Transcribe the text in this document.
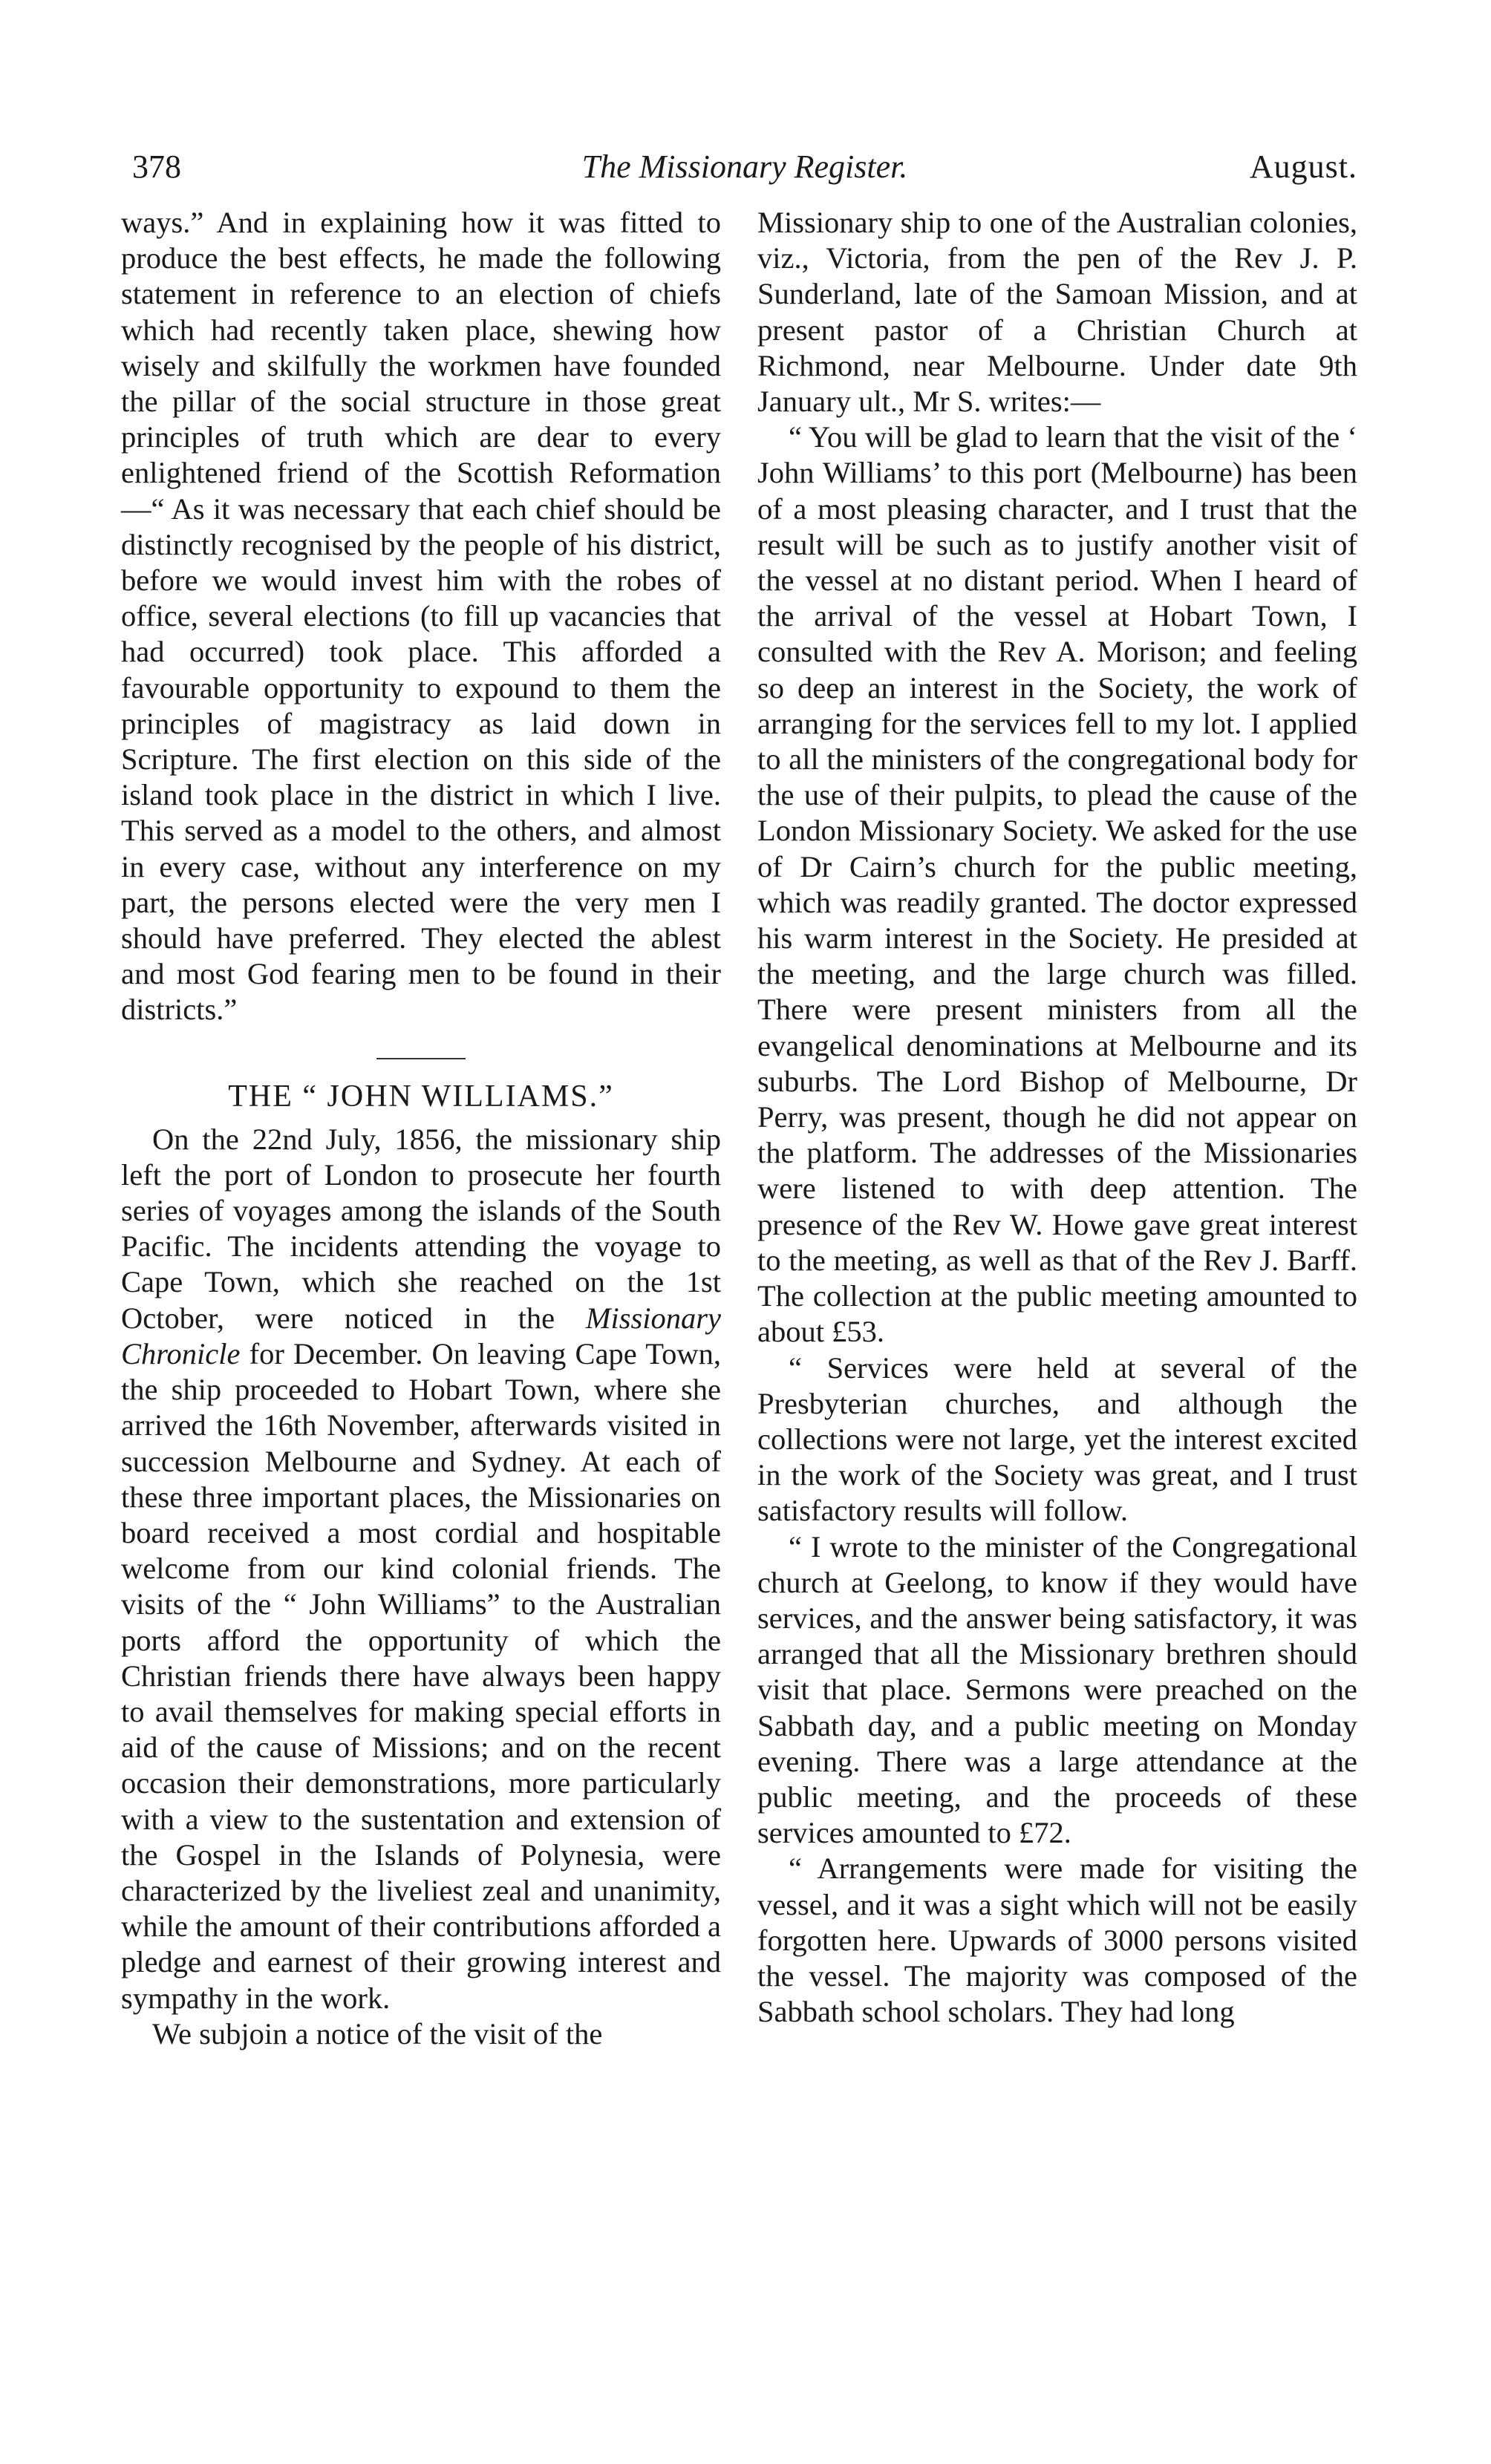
378	The Missionary Register.	August.

ways.” And in explaining how it was fitted to produce the best effects, he made the following statement in reference to an election of chiefs which had recently taken place, shewing how wisely and skilfully the workmen have founded the pillar of the social structure in those great principles of truth which are dear to every enlightened friend of the Scottish Reformation—“ As it was necessary that each chief should be distinctly recognised by the people of his district, before we would invest him with the robes of office, several elections (to fill up vacancies that had occurred) took place. This afforded a favourable opportunity to expound to them the principles of magistracy as laid down in Scripture. The first election on this side of the island took place in the district in which I live. This served as a model to the others, and almost in every case, without any interference on my part, the persons elected were the very men I should have preferred. They elected the ablest and most God fearing men to be found in their districts.”

THE “ JOHN WILLIAMS.”

On the 22nd July, 1856, the missionary ship left the port of London to prosecute her fourth series of voyages among the islands of the South Pacific. The incidents attending the voyage to Cape Town, which she reached on the 1st October, were noticed in the Missionary Chronicle for December. On leaving Cape Town, the ship proceeded to Hobart Town, where she arrived the 16th November, afterwards visited in succession Melbourne and Sydney. At each of these three important places, the Missionaries on board received a most cordial and hospitable welcome from our kind colonial friends. The visits of the “ John Williams” to the Australian ports afford the opportunity of which the Christian friends there have always been happy to avail themselves for making special efforts in aid of the cause of Missions; and on the recent occasion their demonstrations, more particularly with a view to the sustentation and extension of the Gospel in the Islands of Polynesia, were characterized by the liveliest zeal and unanimity, while the amount of their contributions afforded a pledge and earnest of their growing interest and sympathy in the work.

We subjoin a notice of the visit of the

Missionary ship to one of the Australian colonies, viz., Victoria, from the pen of the Rev J. P. Sunderland, late of the Samoan Mission, and at present pastor of a Christian Church at Richmond, near Melbourne. Under date 9th January ult., Mr S. writes:—

“ You will be glad to learn that the visit of the ‘ John Williams’ to this port (Melbourne) has been of a most pleasing character, and I trust that the result will be such as to justify another visit of the vessel at no distant period. When I heard of the arrival of the vessel at Hobart Town, I consulted with the Rev A. Morison; and feeling so deep an interest in the Society, the work of arranging for the services fell to my lot. I applied to all the ministers of the congregational body for the use of their pulpits, to plead the cause of the London Missionary Society. We asked for the use of Dr Cairn’s church for the public meeting, which was readily granted. The doctor expressed his warm interest in the Society. He presided at the meeting, and the large church was filled. There were present ministers from all the evangelical denominations at Melbourne and its suburbs. The Lord Bishop of Melbourne, Dr Perry, was present, though he did not appear on the platform. The addresses of the Missionaries were listened to with deep attention. The presence of the Rev W. Howe gave great interest to the meeting, as well as that of the Rev J. Barff. The collection at the public meeting amounted to about £53.

“ Services were held at several of the Presbyterian churches, and although the collections were not large, yet the interest excited in the work of the Society was great, and I trust satisfactory results will follow.

“ I wrote to the minister of the Congregational church at Geelong, to know if they would have services, and the answer being satisfactory, it was arranged that all the Missionary brethren should visit that place. Sermons were preached on the Sabbath day, and a public meeting on Monday evening. There was a large attendance at the public meeting, and the proceeds of these services amounted to £72.

“ Arrangements were made for visiting the vessel, and it was a sight which will not be easily forgotten here. Upwards of 3000 persons visited the vessel. The majority was composed of the Sabbath school scholars. They had long
